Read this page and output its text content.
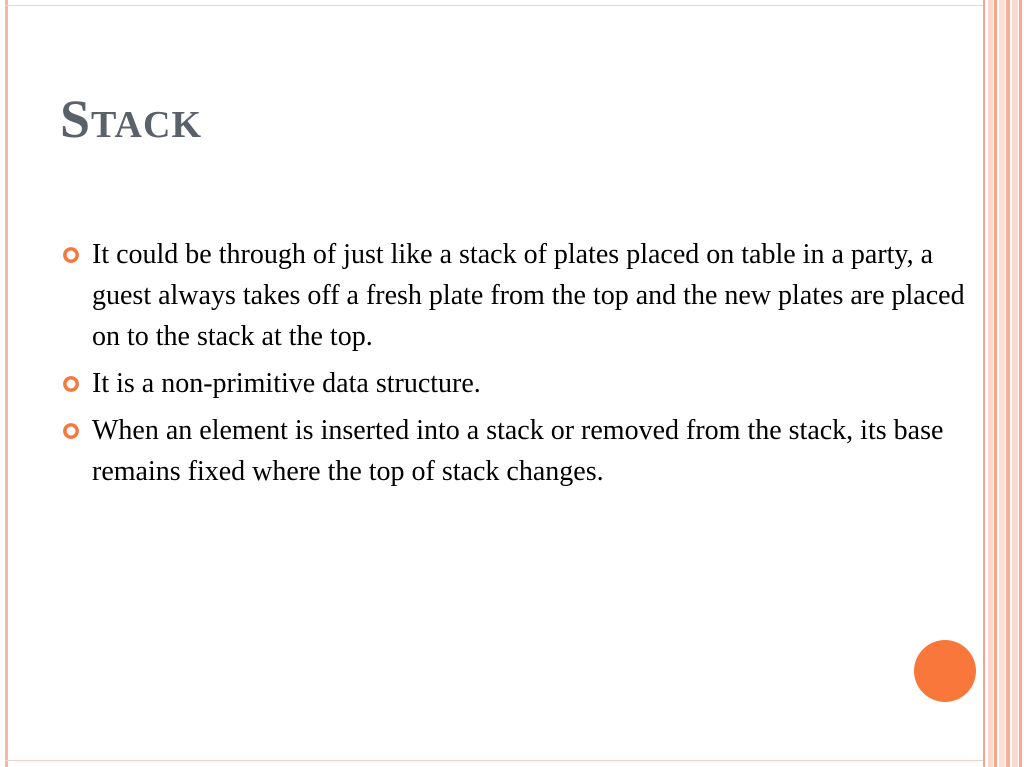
Stack
It could be through of just like a stack of plates placed on table in a party, a guest always takes off a fresh plate from the top and the new plates are placed on to the stack at the top.
It is a non-primitive data structure.
When an element is inserted into a stack or removed from the stack, its base remains fixed where the top of stack changes.
